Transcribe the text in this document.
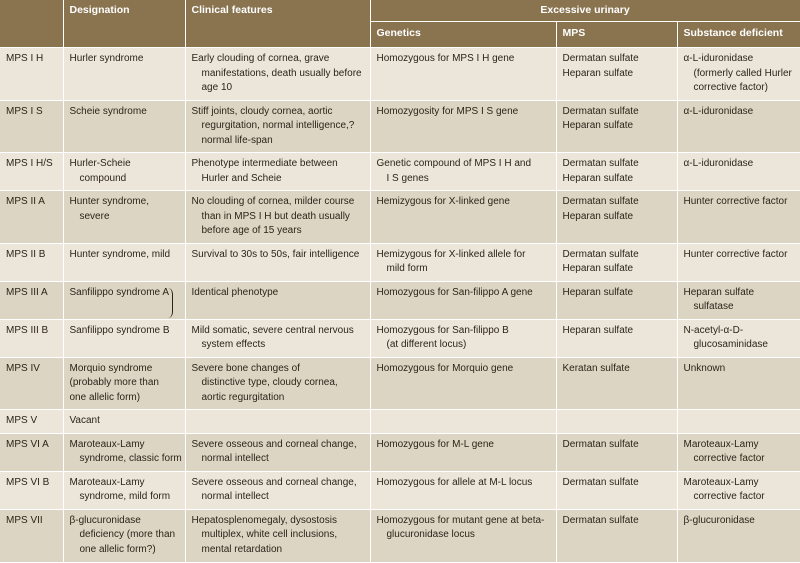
	Designation	Clinical features	Excessive urinary		
			Genetics	MPS	Substance deficient
MPS I H	Hurler syndrome	Early clouding of cornea, grave
manifestations, death usually before
age 10	Homozygous for MPS I H gene	Dermatan sulfate
Heparan sulfate	α-L-iduronidase
(formerly called Hurler
corrective factor)

MPS I S	Scheie syndrome	Stiff joints, cloudy cornea, aortic
regurgitation, normal intelligence,?
normal life-span	Homozygosity for MPS I S gene	Dermatan sulfate
Heparan sulfate	α-L-iduronidase

MPS I H/S	Hurler-Scheie
compound	Phenotype intermediate between
Hurler and Scheie	Genetic compound of MPS I H and
I S genes	Dermatan sulfate
Heparan sulfate	α-L-iduronidase

MPS II A	Hunter syndrome,
severe	No clouding of cornea, milder course
than in MPS I H but death usually
before age of 15 years	Hemizygous for X-linked gene	Dermatan sulfate
Heparan sulfate	Hunter corrective factor

MPS II B	Hunter syndrome, mild	Survival to 30s to 50s, fair intelligence	Hemizygous for X-linked allele for
mild form	Dermatan sulfate
Heparan sulfate	Hunter corrective factor

MPS III A	Sanfilippo syndrome A	Identical phenotype	Homozygous for San-filippo A gene	Heparan sulfate	Heparan sulfate
sulfatase

MPS III B	Sanfilippo syndrome B	Mild somatic, severe central nervous
system effects	Homozygous for San-filippo B
(at different locus)	Heparan sulfate	N-acetyl-α-D-
glucosaminidase

MPS IV	Morquio syndrome
(probably more than
one allelic form)	Severe bone changes of
distinctive type, cloudy cornea,
aortic regurgitation	Homozygous for Morquio gene	Keratan sulfate	Unknown

MPS V	Vacant				

MPS VI A	Maroteaux-Lamy
syndrome, classic form	Severe osseous and corneal change,
normal intellect	Homozygous for M-L gene	Dermatan sulfate	Maroteaux-Lamy
corrective factor

MPS VI B	Maroteaux-Lamy
syndrome, mild form	Severe osseous and corneal change,
normal intellect	Homozygous for allele at M-L locus	Dermatan sulfate	Maroteaux-Lamy
corrective factor

MPS VII	β-glucuronidase
deficiency (more than
one allelic form?)	Hepatosplenomegaly, dysostosis
multiplex, white cell inclusions,
mental retardation	Homozygous for mutant gene at beta-
glucuronidase locus	Dermatan sulfate	β-glucuronidase
